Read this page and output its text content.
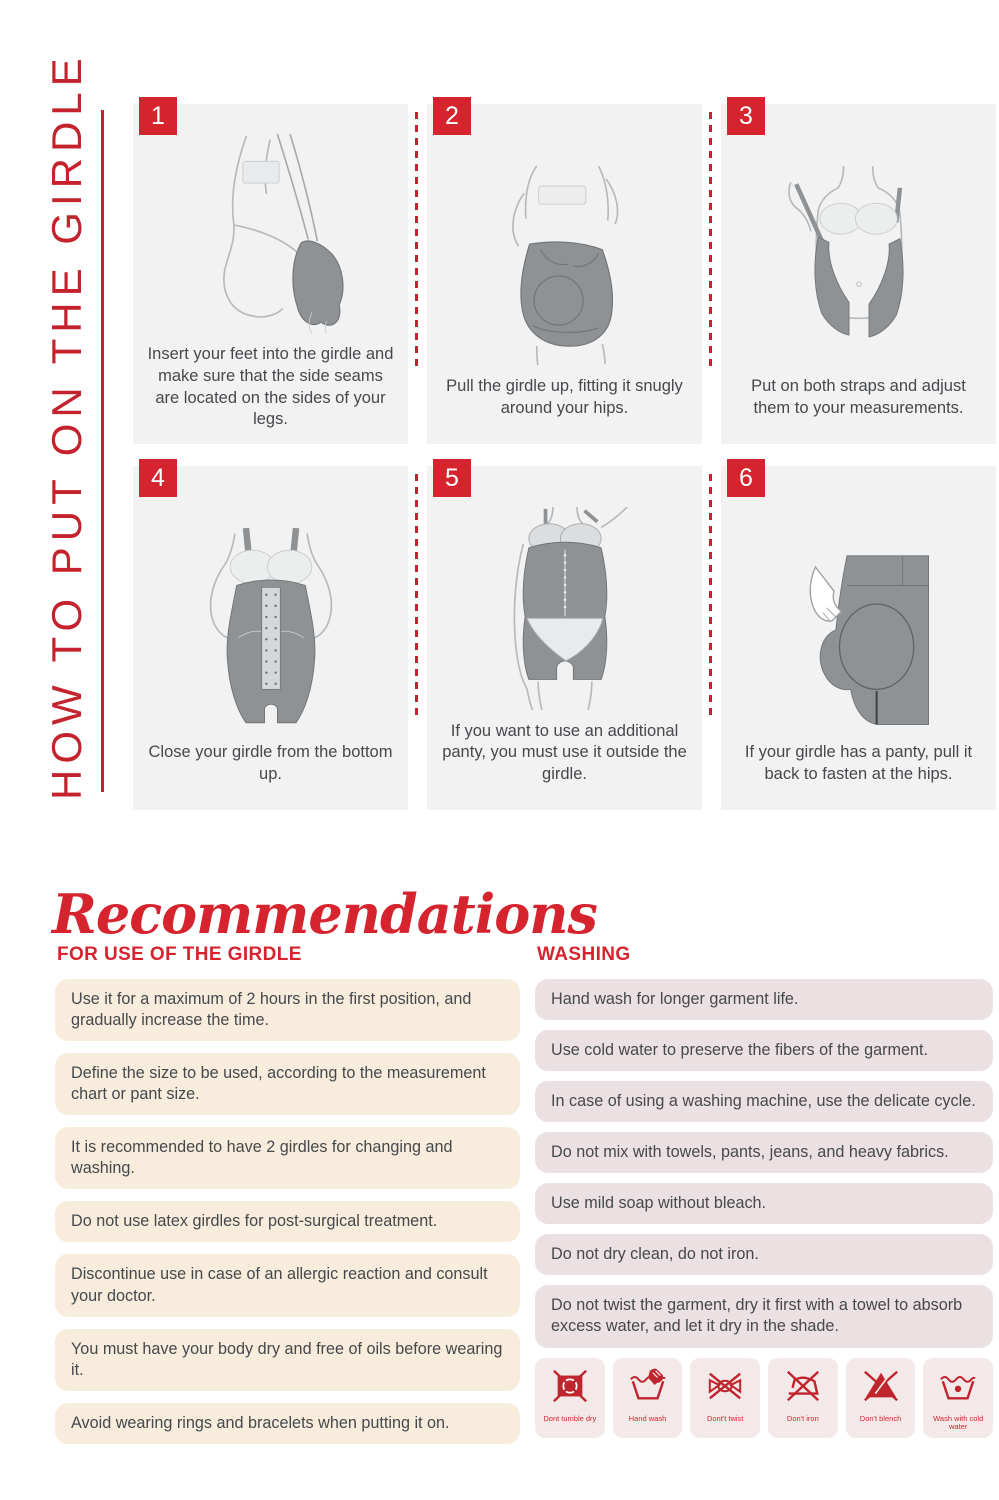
HOW TO PUT ON THE GIRDLE	1

Insert your feet into the girdle and make sure that the side seams are located on the sides of your legs.

2

Pull the girdle up, fitting it snugly around your hips.

3

Put on both straps and adjust them to your measurements.

4

Close your girdle from the bottom up.

5

If you want to use an additional panty, you must use it outside the girdle.

6

If your girdle has a panty, pull it back to fasten at the hips.

Recommendations
FOR USE OF THE GIRDLE
Use it for a maximum of 2 hours in the first position, and gradually increase the time.
Define the size to be used, according to the measurement chart or pant size.
It is recommended to have 2 girdles for changing and washing.
Do not use latex girdles for post-surgical treatment.
Discontinue use in case of an allergic reaction and consult your doctor.
You must have your body dry and free of oils before wearing it.
Avoid wearing rings and bracelets when putting it on.
WASHING
Hand wash for longer garment life.
Use cold water to preserve the fibers of the garment.
In case of using a washing machine, use the delicate cycle.
Do not mix with towels, pants, jeans, and heavy fabrics.
Use mild soap without bleach.
Do not dry clean, do not iron.
Do not twist the garment, dry it first with a towel to absorb excess water, and let it dry in the shade.
Dont tumble dry	Hand wash	Dont't twist	Don't iron	Don't blench	Wash with cold water
